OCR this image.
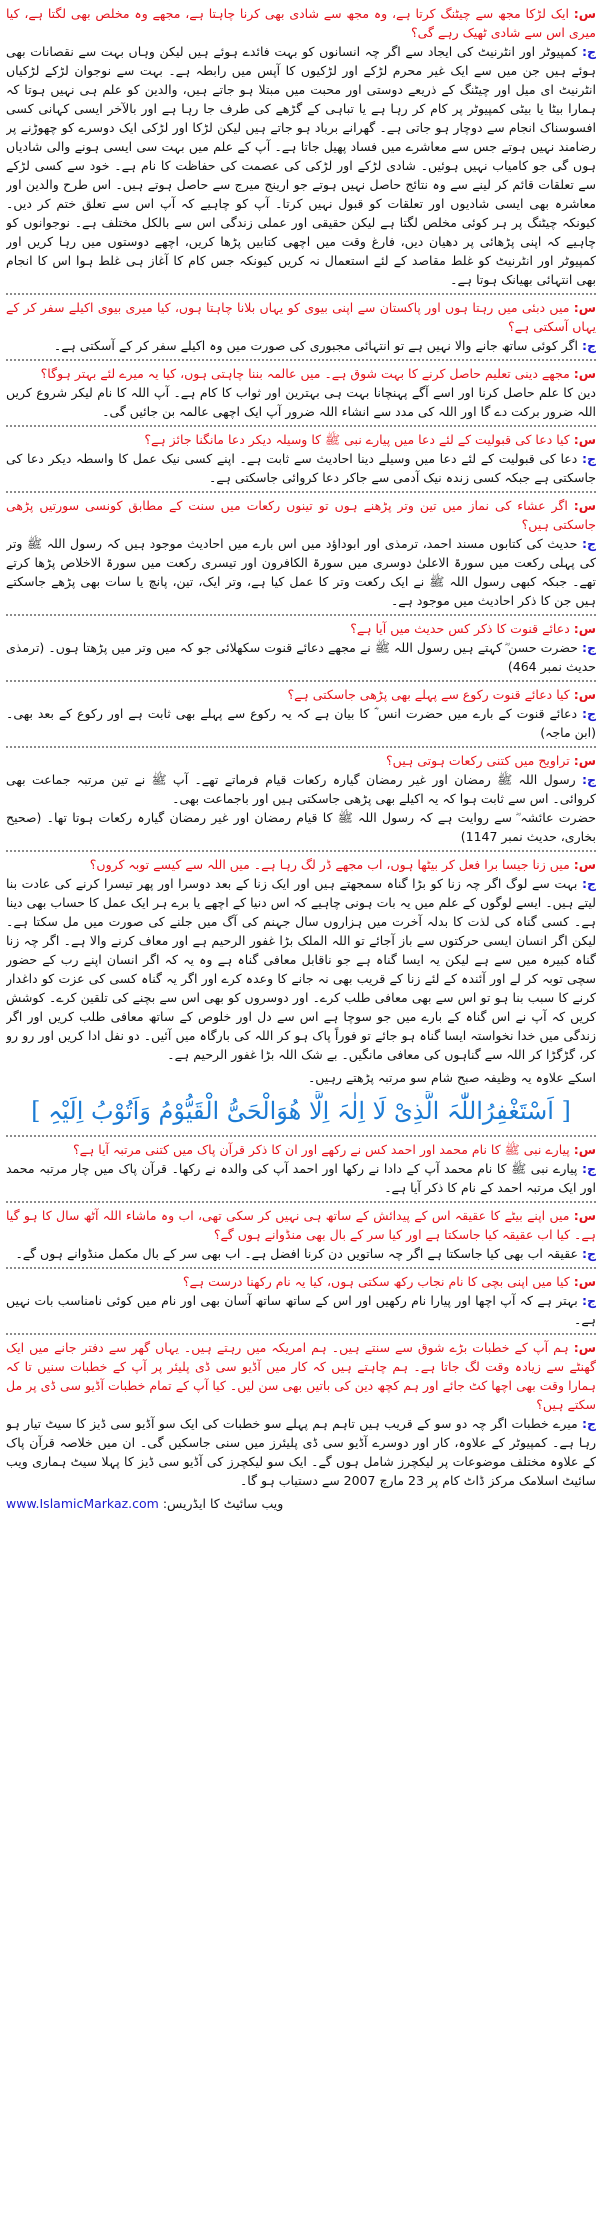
س: ایک لڑکا مجھ سے چیٹنگ کرتا ہے، وہ مجھ سے شادی بھی کرنا چاہتا ہے، مجھے وہ مخلص بھی لگتا ہے، کیا میری اس سے شادی ٹھیک رہے گی؟

ج: کمپیوٹر اور انٹرنیٹ کی ایجاد سے اگر چہ انسانوں کو بہت فائدے ہوئے ہیں لیکن وہاں بہت سے نقصانات بھی ہوئے ہیں جن میں سے ایک غیر محرم لڑکے اور لڑکیوں کا آپس میں رابطہ ہے۔ بہت سے نوجوان لڑکے لڑکیاں انٹرنیٹ ای میل اور چیٹنگ کے ذریعے دوستی اور محبت میں مبتلا ہو جاتے ہیں، والدین کو علم ہی نہیں ہوتا کہ ہمارا بیٹا یا بیٹی کمپیوٹر پر کام کر رہا ہے یا تباہی کے گڑھے کی طرف جا رہا ہے اور بالآخر ایسی کہانی کسی افسوسناک انجام سے دوچار ہو جاتی ہے۔ گھرانے برباد ہو جاتے ہیں لیکن لڑکا اور لڑکی ایک دوسرے کو چھوڑنے پر رضامند نہیں ہوتے جس سے معاشرے میں فساد پھیل جاتا ہے۔ آپ کے علم میں بہت سی ایسی ہونے والی شادیاں ہوں گی جو کامیاب نہیں ہوئیں۔ شادی لڑکے اور لڑکی کی عصمت کی حفاظت کا نام ہے۔ خود سے کسی لڑکے سے تعلقات قائم کر لینے سے وہ نتائج حاصل نہیں ہوتے جو ارینج میرج سے حاصل ہوتے ہیں۔ اس طرح والدین اور معاشرہ بھی ایسی شادیوں اور تعلقات کو قبول نہیں کرتا۔ آپ کو چاہیے کہ آپ اس سے تعلق ختم کر دیں۔ کیونکہ چیٹنگ پر ہر کوئی مخلص لگتا ہے لیکن حقیقی اور عملی زندگی اس سے بالکل مختلف ہے۔ نوجوانوں کو چاہیے کہ اپنی پڑھائی پر دھیان دیں، فارغ وقت میں اچھی کتابیں پڑھا کریں، اچھے دوستوں میں رہا کریں اور کمپیوٹر اور انٹرنیٹ کو غلط مقاصد کے لئے استعمال نہ کریں کیونکہ جس کام کا آغاز ہی غلط ہوا اس کا انجام بھی انتہائی بھیانک ہوتا ہے۔

س: میں دبئی میں رہتا ہوں اور پاکستان سے اپنی بیوی کو یہاں بلانا چاہتا ہوں، کیا میری بیوی اکیلے سفر کر کے یہاں آسکتی ہے؟

ج: اگر کوئی ساتھ جانے والا نہیں ہے تو انتہائی مجبوری کی صورت میں وہ اکیلے سفر کر کے آسکتی ہے۔

س: مجھے دینی تعلیم حاصل کرنے کا بہت شوق ہے۔ میں عالمہ بننا چاہتی ہوں، کیا یہ میرے لئے بہتر ہوگا؟

دین کا علم حاصل کرنا اور اسے آگے پہنچانا بہت ہی بہترین اور ثواب کا کام ہے۔ آپ اللہ کا نام لیکر شروع کریں اللہ ضرور برکت دے گا اور اللہ کی مدد سے انشاء اللہ ضرور آپ ایک اچھی عالمہ بن جائیں گی۔

س: کیا دعا کی قبولیت کے لئے دعا میں پیارے نبی ﷺ کا وسیلہ دیکر دعا مانگنا جائز ہے؟

ج: دعا کی قبولیت کے لئے دعا میں وسیلے دینا احادیث سے ثابت ہے۔ اپنے کسی نیک عمل کا واسطہ دیکر دعا کی جاسکتی ہے جبکہ کسی زندہ نیک آدمی سے جاکر دعا کروائی جاسکتی ہے۔

س: اگر عشاء کی نماز میں تین وتر پڑھنے ہوں تو تینوں رکعات میں سنت کے مطابق کونسی سورتیں پڑھی جاسکتی ہیں؟

ج: حدیث کی کتابوں مسند احمد، ترمذی اور ابوداؤد میں اس بارے میں احادیث موجود ہیں کہ رسول اللہ ﷺ وتر کی پہلی رکعت میں سورۃ الاعلیٰ دوسری میں سورۃ الکافرون اور تیسری رکعت میں سورۃ الاخلاص پڑھا کرتے تھے۔ جبکہ کبھی رسول اللہ ﷺ نے ایک رکعت وتر کا عمل کیا ہے، وتر ایک، تین، پانچ یا سات بھی پڑھے جاسکتے ہیں جن کا ذکر احادیث میں موجود ہے۔

س: دعائے قنوت کا ذکر کس حدیث میں آیا ہے؟

ج: حضرت حسن ؓ کہتے ہیں رسول اللہ ﷺ نے مجھے دعائے قنوت سکھلائی جو کہ میں وتر میں پڑھتا ہوں۔ (ترمذی حدیث نمبر 464)

س: کیا دعائے قنوت رکوع سے پہلے بھی پڑھی جاسکتی ہے؟

ج: دعائے قنوت کے بارے میں حضرت انس ؓ کا بیان ہے کہ یہ رکوع سے پہلے بھی ثابت ہے اور رکوع کے بعد بھی۔ (ابن ماجہ)

س: تراویح میں کتنی رکعات ہوتی ہیں؟

ج: رسول اللہ ﷺ رمضان اور غیر رمضان گیارہ رکعات قیام فرماتے تھے۔ آپ ﷺ نے تین مرتبہ جماعت بھی کروائی۔ اس سے ثابت ہوا کہ یہ اکیلے بھی پڑھی جاسکتی ہیں اور باجماعت بھی۔

حضرت عائشہ ؓ سے روایت ہے کہ رسول اللہ ﷺ کا قیام رمضان اور غیر رمضان گیارہ رکعات ہوتا تھا۔ (صحیح بخاری، حدیث نمبر 1147)

س: میں زنا جیسا برا فعل کر بیٹھا ہوں، اب مجھے ڈر لگ رہا ہے۔ میں اللہ سے کیسے توبہ کروں؟

ج: بہت سے لوگ اگر چہ زنا کو بڑا گناہ سمجھتے ہیں اور ایک زنا کے بعد دوسرا اور پھر تیسرا کرنے کی عادت بنا لیتے ہیں۔ ایسے لوگوں کے علم میں یہ بات ہونی چاہیے کہ اس دنیا کے اچھے یا برے ہر ایک عمل کا حساب بھی دینا ہے۔ کسی گناہ کی لذت کا بدلہ آخرت میں ہزاروں سال جہنم کی آگ میں جلنے کی صورت میں مل سکتا ہے۔ لیکن اگر انسان ایسی حرکتوں سے باز آجائے تو اللہ الملک بڑا غفور الرحیم ہے اور معاف کرنے والا ہے۔ اگر چہ زنا گناہ کبیرہ میں سے ہے لیکن یہ ایسا گناہ ہے جو ناقابل معافی گناہ ہے وہ یہ کہ اگر انسان اپنے رب کے حضور سچی توبہ کر لے اور آئندہ کے لئے زنا کے قریب بھی نہ جانے کا وعدہ کرے اور اگر یہ گناہ کسی کی عزت کو داغدار کرنے کا سبب بنا ہو تو اس سے بھی معافی طلب کرے۔ اور دوسروں کو بھی اس سے بچنے کی تلقین کرے۔ کوشش کریں کہ آپ نے اس گناہ کے بارے میں جو سوچا ہے اس سے دل اور خلوص کے ساتھ معافی طلب کریں اور اگر زندگی میں خدا نخواستہ ایسا گناہ ہو جائے تو فوراً پاک ہو کر اللہ کی بارگاہ میں آئیں۔ دو نفل ادا کریں اور رو رو کر، گڑگڑا کر اللہ سے گناہوں کی معافی مانگیں۔ بے شک اللہ بڑا غفور الرحیم ہے۔

اسکے علاوہ یہ وظیفہ صبح شام سو مرتبہ پڑھتے رہیں۔

[ اَسْتَغْفِرُاللّٰہَ الَّذِیْ لَا اِلٰہَ اِلَّا ھُوَالْحَیُّ الْقَیُّوْمُ وَاَتُوْبُ اِلَیْہِ ]

س: پیارے نبی ﷺ کا نام محمد اور احمد کس نے رکھے اور ان کا ذکر قرآن پاک میں کتنی مرتبہ آیا ہے؟

ج: پیارے نبی ﷺ کا نام محمد آپ کے دادا نے رکھا اور احمد آپ کی والدہ نے رکھا۔ قرآن پاک میں چار مرتبہ محمد اور ایک مرتبہ احمد کے نام کا ذکر آیا ہے۔

س: میں اپنے بیٹے کا عقیقہ اس کے پیدائش کے ساتھ ہی نہیں کر سکی تھی، اب وہ ماشاء اللہ آٹھ سال کا ہو گیا ہے۔ کیا اب عقیقہ کیا جاسکتا ہے اور کیا سر کے بال بھی منڈوانے ہوں گے؟

ج: عقیقہ اب بھی کیا جاسکتا ہے اگر چہ ساتویں دن کرنا افضل ہے۔ اب بھی سر کے بال مکمل منڈوانے ہوں گے۔

س: کیا میں اپنی بچی کا نام نجاب رکھ سکتی ہوں، کیا یہ نام رکھنا درست ہے؟

ج: بہتر ہے کہ آپ اچھا اور پیارا نام رکھیں اور اس کے ساتھ ساتھ آسان بھی اور نام میں کوئی نامناسب بات نہیں ہے۔

س: ہم آپ کے خطبات بڑے شوق سے سنتے ہیں۔ ہم امریکہ میں رہتے ہیں۔ یہاں گھر سے دفتر جانے میں ایک گھنٹے سے زیادہ وقت لگ جاتا ہے۔ ہم چاہتے ہیں کہ کار میں آڈیو سی ڈی پلیئر پر آپ کے خطبات سنیں تا کہ ہمارا وقت بھی اچھا کٹ جائے اور ہم کچھ دین کی باتیں بھی سن لیں۔ کیا آپ کے تمام خطبات آڈیو سی ڈی پر مل سکتے ہیں؟

ج: میرے خطبات اگر چہ دو سو کے قریب ہیں تاہم ہم پہلے سو خطبات کی ایک سو آڈیو سی ڈیز کا سیٹ تیار ہو رہا ہے۔ کمپیوٹر کے علاوہ، کار اور دوسرے آڈیو سی ڈی پلیئرز میں سنی جاسکیں گی۔ ان میں خلاصہ قرآن پاک کے علاوہ مختلف موضوعات پر لیکچرز شامل ہوں گے۔ ایک سو لیکچرز کی آڈیو سی ڈیز کا پہلا سیٹ ہماری ویب سائیٹ اسلامک مرکز ڈاٹ کام پر 23 مارچ 2007 سے دستیاب ہو گا۔

ویب سائیٹ کا ایڈریس: www.IslamicMarkaz.com
